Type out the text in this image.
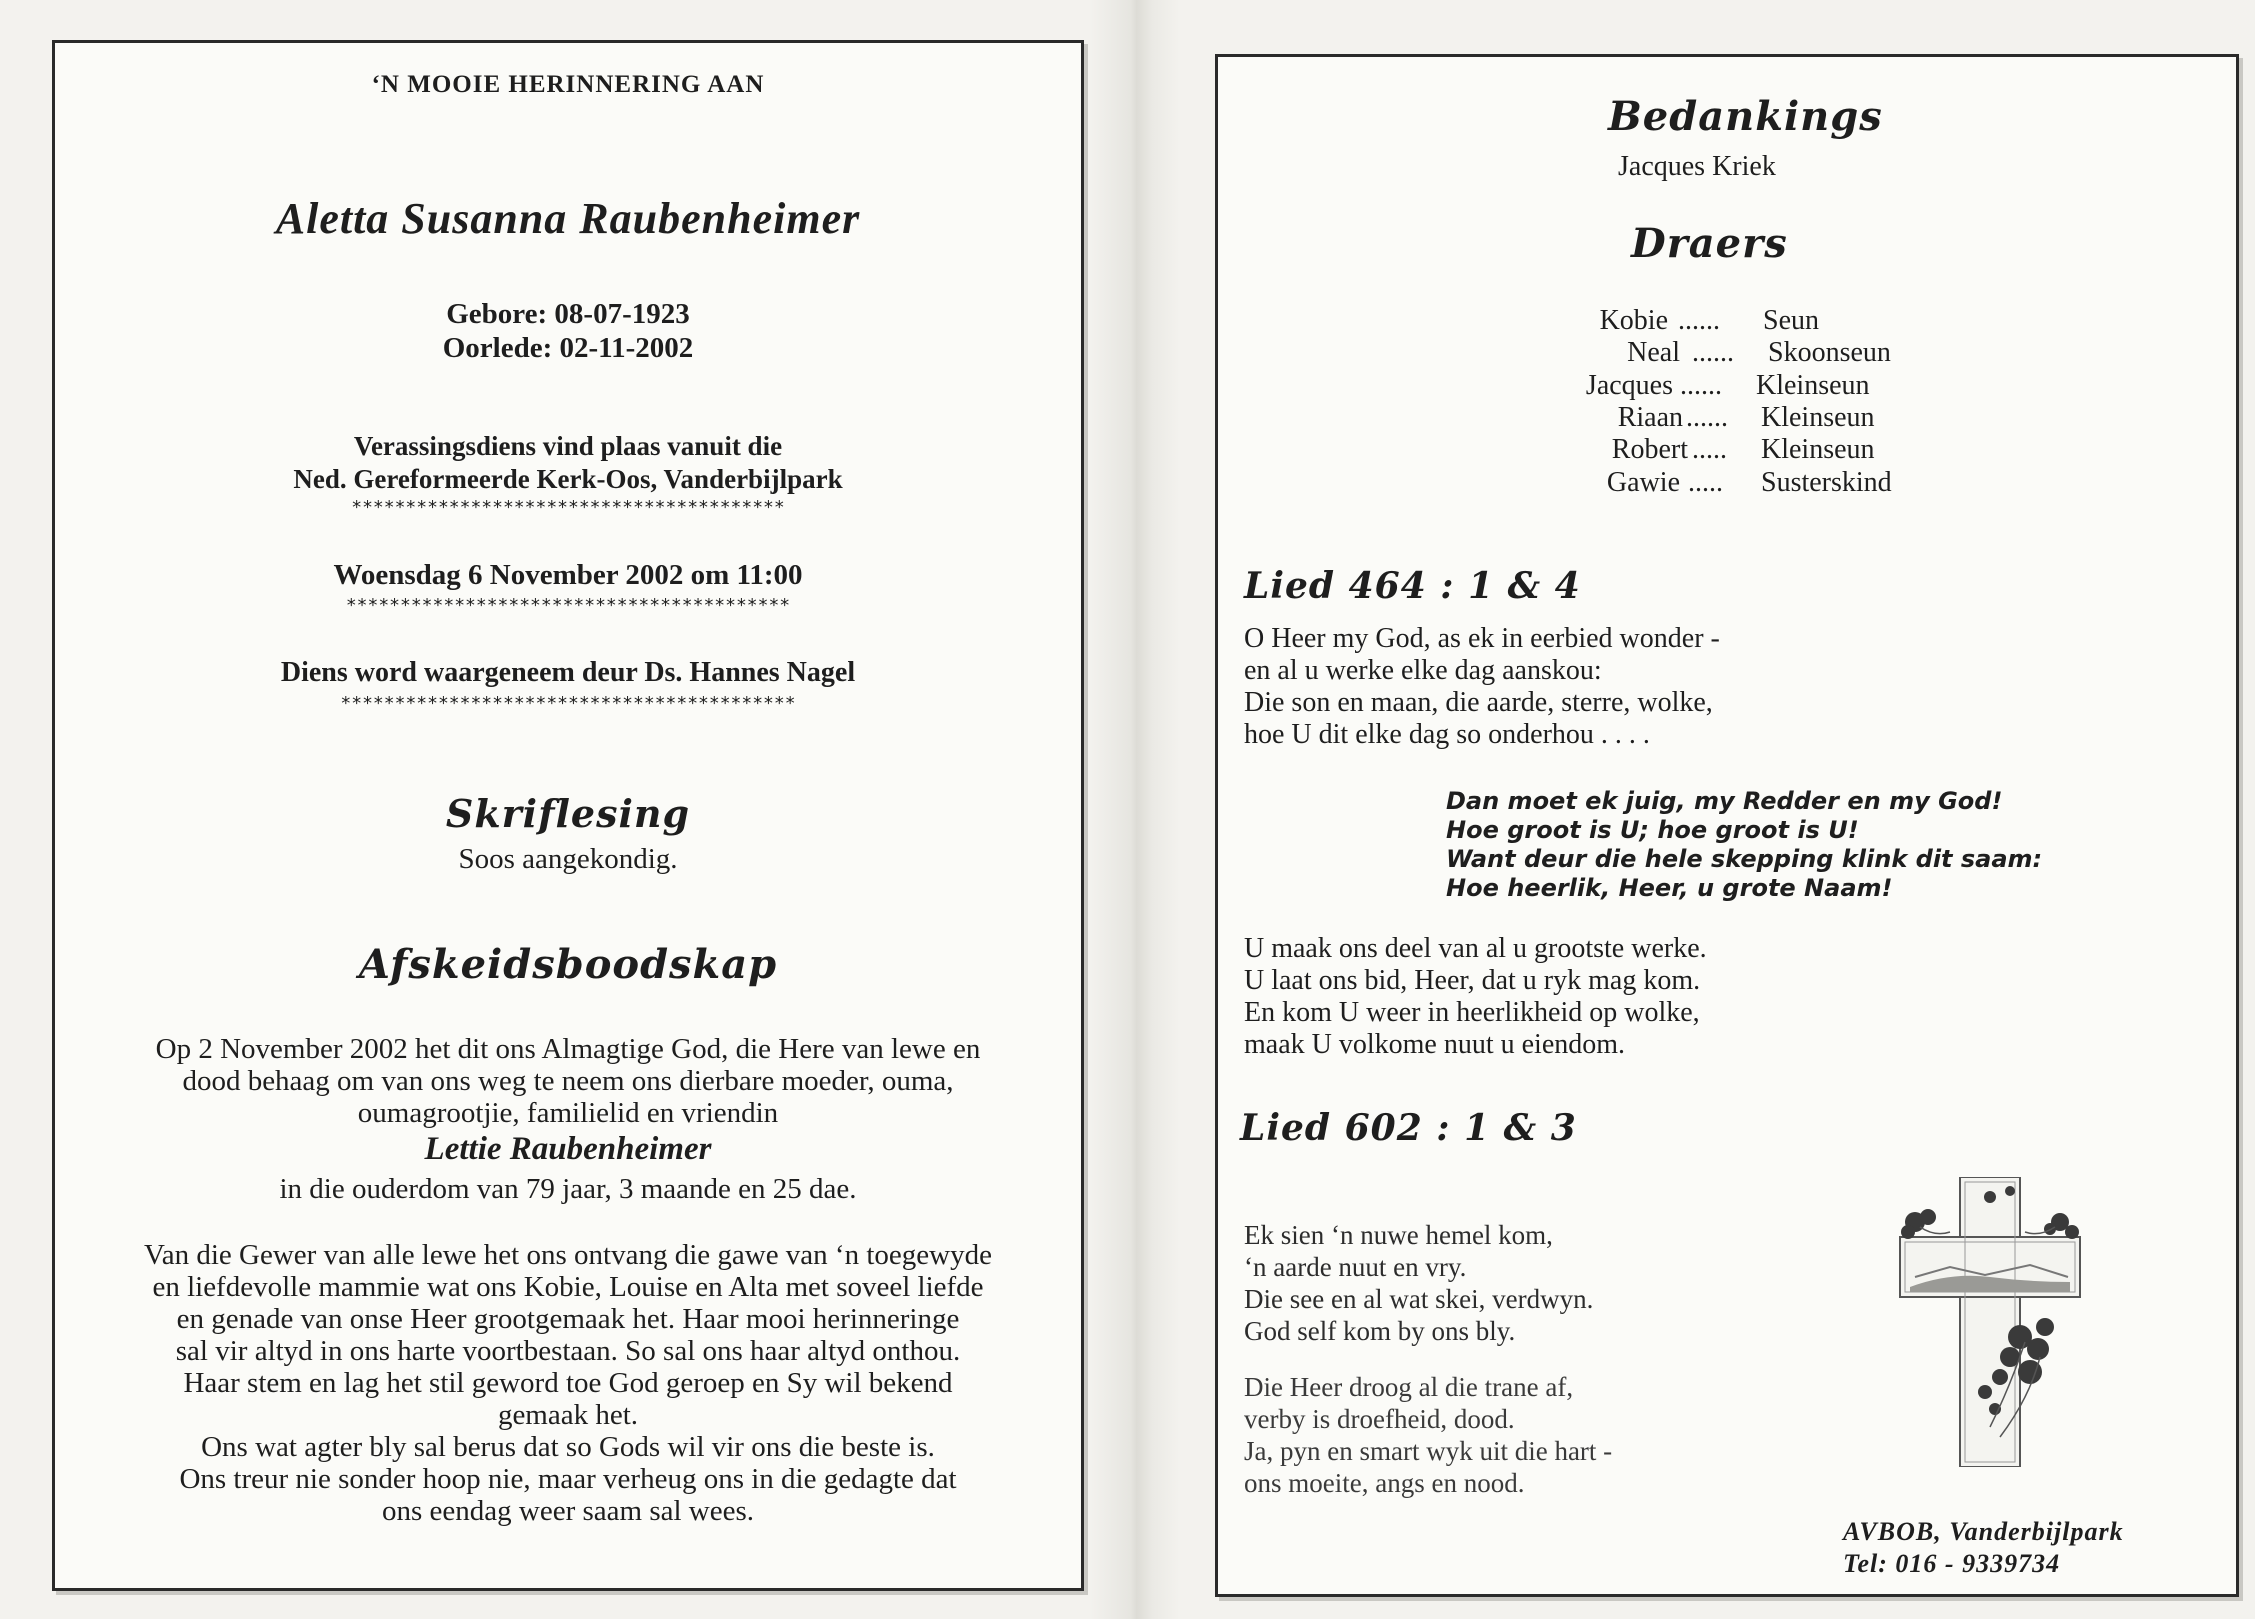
‘N MOOIE HERINNERING AAN
Aletta Susanna Raubenheimer
Gebore: 08-07-1923
Oorlede: 02-11-2002
Verassingsdiens vind plaas vanuit die
Ned. Gereformeerde Kerk-Oos, Vanderbijlpark
****************************************
Woensdag 6 November 2002 om 11:00
*****************************************
Diens word waargeneem deur Ds. Hannes Nagel
******************************************
Skriflesing
Soos aangekondig.
Afskeidsboodskap
Op 2 November 2002 het dit ons Almagtige God, die Here van lewe en
dood behaag om van ons weg te neem ons dierbare moeder, ouma,
oumagrootjie, familielid en vriendin
Lettie Raubenheimer
in die ouderdom van 79 jaar, 3 maande en 25 dae.
Van die Gewer van alle lewe het ons ontvang die gawe van ‘n toegewyde
en liefdevolle mammie wat ons Kobie, Louise en Alta met soveel liefde
en genade van onse Heer grootgemaak het. Haar mooi herinneringe
sal vir altyd in ons harte voortbestaan. So sal ons haar altyd onthou.
Haar stem en lag het stil geword toe God geroep en Sy wil bekend
gemaak het.
Ons wat agter bly sal berus dat so Gods wil vir ons die beste is.
Ons treur nie sonder hoop nie, maar verheug ons in die gedagte dat
ons eendag weer saam sal wees.
Bedankings
Jacques Kriek
Draers
Kobie ...... Seun
Neal ...... Skoonseun
Jacques ...... Kleinseun
Riaan ...... Kleinseun
Robert ..... Kleinseun
Gawie ..... Susterskind
Lied 464 : 1 & 4
O Heer my God, as ek in eerbied wonder -
en al u werke elke dag aanskou:
Die son en maan, die aarde, sterre, wolke,
hoe U dit elke dag so onderhou . . . .
Dan moet ek juig, my Redder en my God!
Hoe groot is U; hoe groot is U!
Want deur die hele skepping klink dit saam:
Hoe heerlik, Heer, u grote Naam!
U maak ons deel van al u grootste werke.
U laat ons bid, Heer, dat u ryk mag kom.
En kom U weer in heerlikheid op wolke,
maak U volkome nuut u eiendom.
Lied 602 : 1 & 3
Ek sien ‘n nuwe hemel kom,
‘n aarde nuut en vry.
Die see en al wat skei, verdwyn.
God self kom by ons bly.
Die Heer droog al die trane af,
verby is droefheid, dood.
Ja, pyn en smart wyk uit die hart -
ons moeite, angs en nood.
AVBOB, Vanderbijlpark
Tel: 016 - 9339734
